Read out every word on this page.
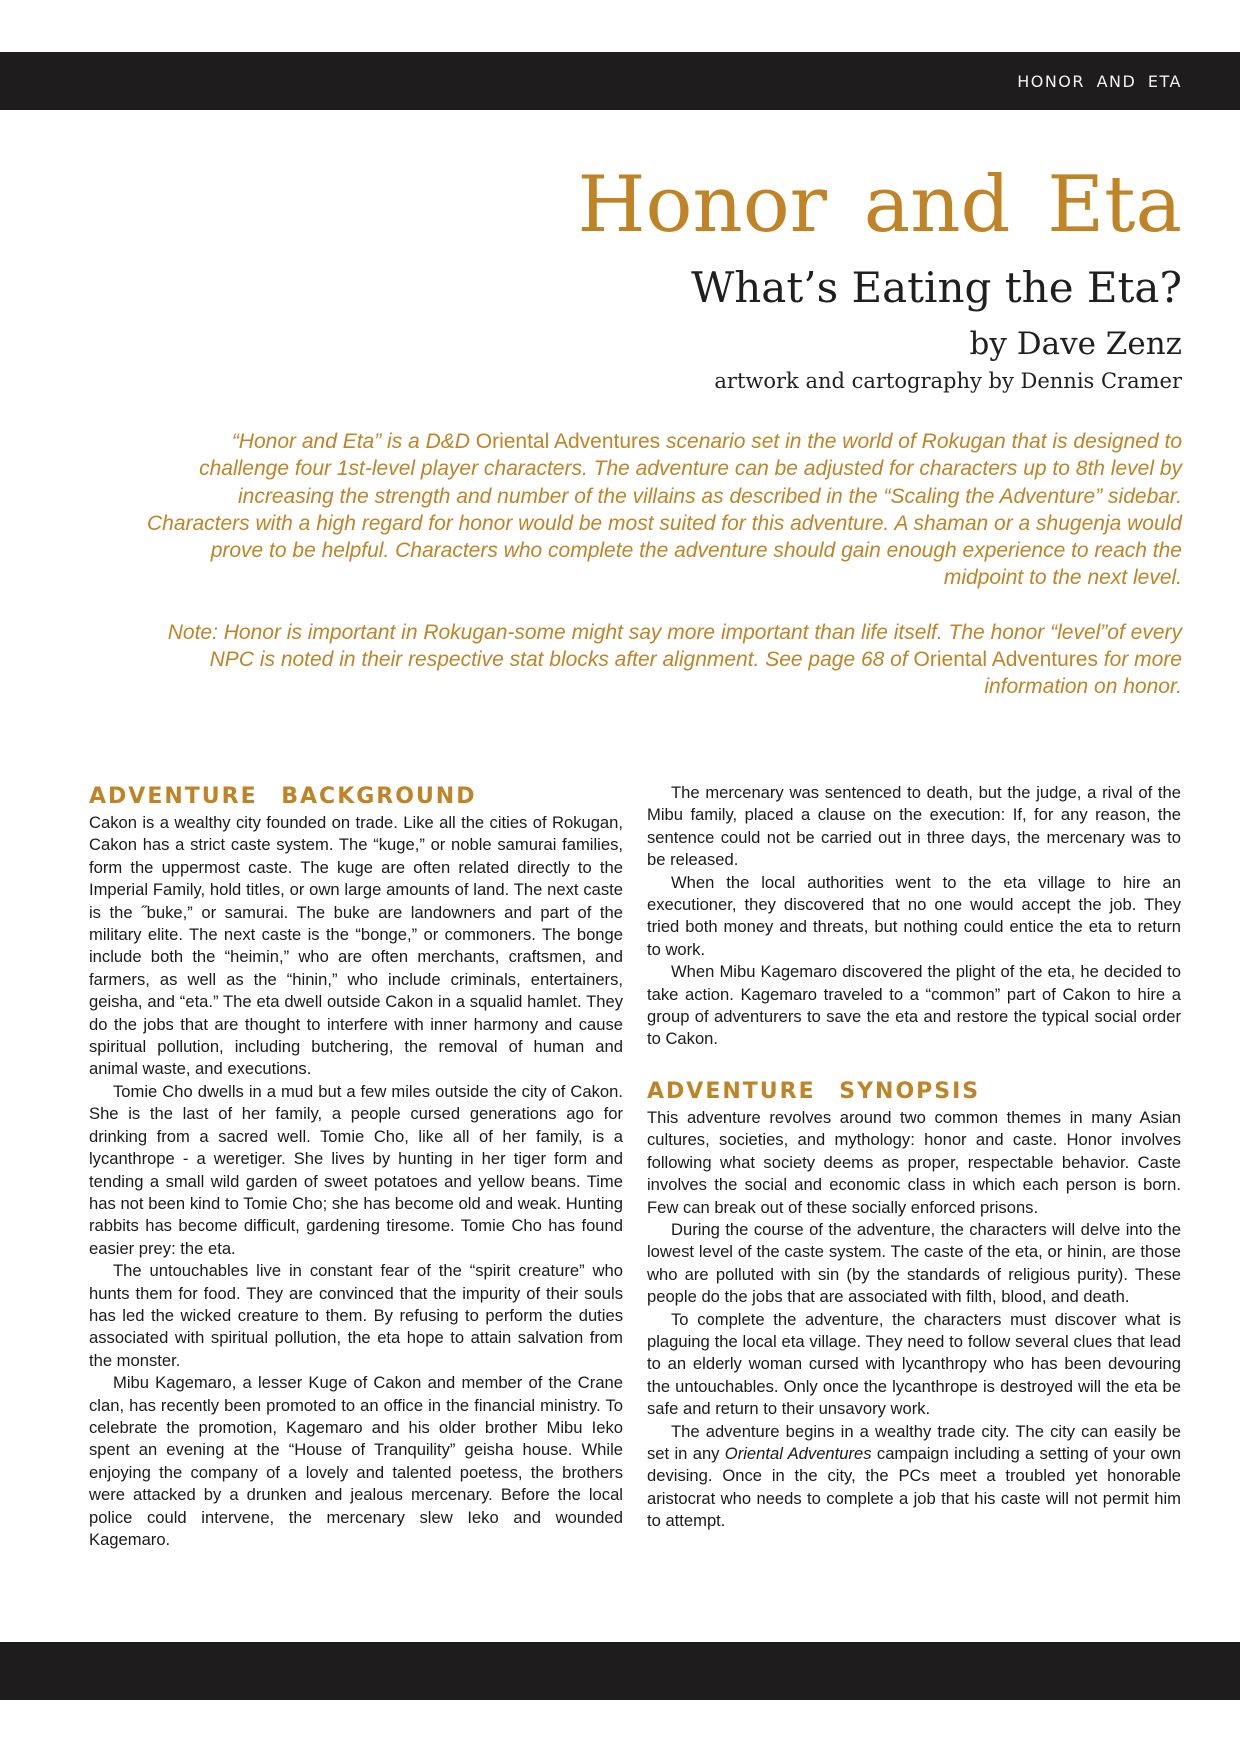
HONOR AND ETA
Honor and Eta
What’s Eating the Eta?
by Dave Zenz
artwork and cartography by Dennis Cramer

“Honor and Eta” is a D&D Oriental Adventures scenario set in the world of Rokugan that is designed to challenge four 1st-level player characters. The adventure can be adjusted for characters up to 8th level by increasing the strength and number of the villains as described in the “Scaling the Adventure” sidebar. Characters with a high regard for honor would be most suited for this adventure. A shaman or a shugenja would prove to be helpful. Characters who complete the adventure should gain enough experience to reach the midpoint to the next level.

Note: Honor is important in Rokugan-some might say more important than life itself. The honor “level”of every NPC is noted in their respective stat blocks after alignment. See page 68 of Oriental Adventures for more information on honor.

ADVENTURE BACKGROUND

Cakon is a wealthy city founded on trade. Like all the cities of Rokugan, Cakon has a strict caste system. The “kuge,” or noble samurai families, form the uppermost caste. The kuge are often related directly to the Imperial Family, hold titles, or own large amounts of land. The next caste is the ˝buke,” or samurai. The buke are landowners and part of the military elite. The next caste is the “bonge,” or commoners. The bonge include both the “heimin,” who are often merchants, craftsmen, and farmers, as well as the “hinin,” who include criminals, entertainers, geisha, and “eta.” The eta dwell outside Cakon in a squalid hamlet. They do the jobs that are thought to interfere with inner harmony and cause spiritual pollution, including butchering, the removal of human and animal waste, and executions.

Tomie Cho dwells in a mud but a few miles outside the city of Cakon. She is the last of her family, a people cursed generations ago for drinking from a sacred well. Tomie Cho, like all of her family, is a lycanthrope - a weretiger. She lives by hunting in her tiger form and tending a small wild garden of sweet potatoes and yellow beans. Time has not been kind to Tomie Cho; she has become old and weak. Hunting rabbits has become difficult, gardening tiresome. Tomie Cho has found easier prey: the eta.

The untouchables live in constant fear of the “spirit creature” who hunts them for food. They are convinced that the impurity of their souls has led the wicked creature to them. By refusing to perform the duties associated with spiritual pollution, the eta hope to attain salvation from the monster.

Mibu Kagemaro, a lesser Kuge of Cakon and member of the Crane clan, has recently been promoted to an office in the financial ministry. To celebrate the promotion, Kagemaro and his older brother Mibu Ieko spent an evening at the “House of Tranquility” geisha house. While enjoying the company of a lovely and talented poetess, the brothers were attacked by a drunken and jealous mercenary. Before the local police could intervene, the mercenary slew Ieko and wounded Kagemaro.

The mercenary was sentenced to death, but the judge, a rival of the Mibu family, placed a clause on the execution: If, for any reason, the sentence could not be carried out in three days, the mercenary was to be released.

When the local authorities went to the eta village to hire an executioner, they discovered that no one would accept the job. They tried both money and threats, but nothing could entice the eta to return to work.

When Mibu Kagemaro discovered the plight of the eta, he decided to take action. Kagemaro traveled to a “common” part of Cakon to hire a group of adventurers to save the eta and restore the typical social order to Cakon.

ADVENTURE SYNOPSIS

This adventure revolves around two common themes in many Asian cultures, societies, and mythology: honor and caste. Honor involves following what society deems as proper, respectable behavior. Caste involves the social and economic class in which each person is born. Few can break out of these socially enforced prisons.

During the course of the adventure, the characters will delve into the lowest level of the caste system. The caste of the eta, or hinin, are those who are polluted with sin (by the standards of religious purity). These people do the jobs that are associated with filth, blood, and death.

To complete the adventure, the characters must discover what is plaguing the local eta village. They need to follow several clues that lead to an elderly woman cursed with lycanthropy who has been devouring the untouchables. Only once the lycanthrope is destroyed will the eta be safe and return to their unsavory work.

The adventure begins in a wealthy trade city. The city can easily be set in any Oriental Adventures campaign including a setting of your own devising. Once in the city, the PCs meet a troubled yet honorable aristocrat who needs to complete a job that his caste will not permit him to attempt.
